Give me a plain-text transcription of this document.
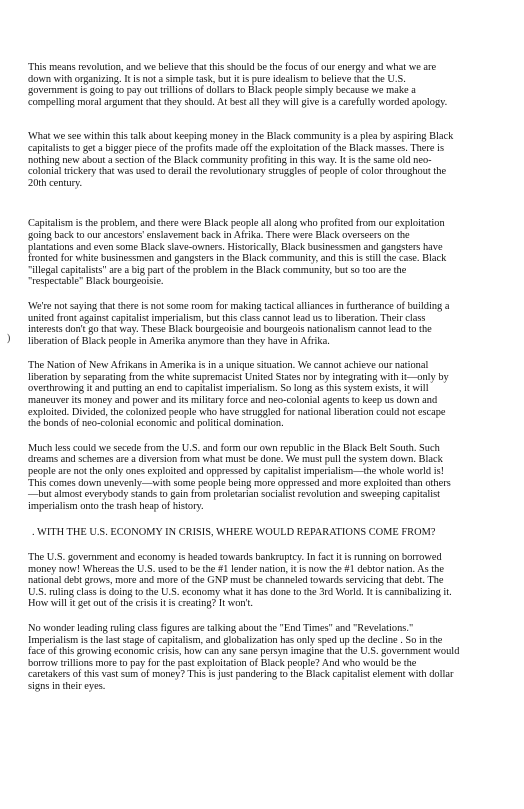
)

This means revolution, and we believe that this should be the focus of our energy and what we are
down with organizing. It is not a simple task, but it is pure idealism to believe that the U.S.
government is going to pay out trillions of dollars to Black people simply because we make a
compelling moral argument that they should. At best all they will give is a carefully worded apology.

What we see within this talk about keeping money in the Black community is a plea by aspiring Black
capitalists to get a bigger piece of the profits made off the exploitation of the Black masses. There is
nothing new about a section of the Black community profiting in this way. It is the same old neo-
colonial trickery that was used to derail the revolutionary struggles of people of color throughout the
20th century.

Capitalism is the problem, and there were Black people all along who profited from our exploitation
going back to our ancestors' enslavement back in Afrika. There were Black overseers on the
plantations and even some Black slave-owners. Historically, Black businessmen and gangsters have
fronted for white businessmen and gangsters in the Black community, and this is still the case. Black
"illegal capitalists" are a big part of the problem in the Black community, but so too are the
"respectable" Black bourgeoisie.

We're not saying that there is not some room for making tactical alliances in furtherance of building a
united front against capitalist imperialism, but this class cannot lead us to liberation. Their class
interests don't go that way. These Black bourgeoisie and bourgeois nationalism cannot lead to the
liberation of Black people in Amerika anymore than they have in Afrika.

The Nation of New Afrikans in Amerika is in a unique situation. We cannot achieve our national
liberation by separating from the white supremacist United States nor by integrating with it—only by
overthrowing it and putting an end to capitalist imperialism. So long as this system exists, it will
maneuver its money and power and its military force and neo-colonial agents to keep us down and
exploited. Divided, the colonized people who have struggled for national liberation could not escape
the bonds of neo-colonial economic and political domination.

Much less could we secede from the U.S. and form our own republic in the Black Belt South. Such
dreams and schemes are a diversion from what must be done. We must pull the system down. Black
people are not the only ones exploited and oppressed by capitalist imperialism—the whole world is!
This comes down unevenly—with some people being more oppressed and more exploited than others
—but almost everybody stands to gain from proletarian socialist revolution and sweeping capitalist
imperialism onto the trash heap of history.

. WITH THE U.S. ECONOMY IN CRISIS, WHERE WOULD REPARATIONS COME FROM?

The U.S. government and economy is headed towards bankruptcy. In fact it is running on borrowed
money now! Whereas the U.S. used to be the #1 lender nation, it is now the #1 debtor nation. As the
national debt grows, more and more of the GNP must be channeled towards servicing that debt. The
U.S. ruling class is doing to the U.S. economy what it has done to the 3rd World. It is cannibalizing it.
How will it get out of the crisis it is creating? It won't.

No wonder leading ruling class figures are talking about the "End Times" and "Revelations."
Imperialism is the last stage of capitalism, and globalization has only sped up the decline . So in the
face of this growing economic crisis, how can any sane persyn imagine that the U.S. government would
borrow trillions more to pay for the past exploitation of Black people? And who would be the
caretakers of this vast sum of money? This is just pandering to the Black capitalist element with dollar
signs in their eyes.
